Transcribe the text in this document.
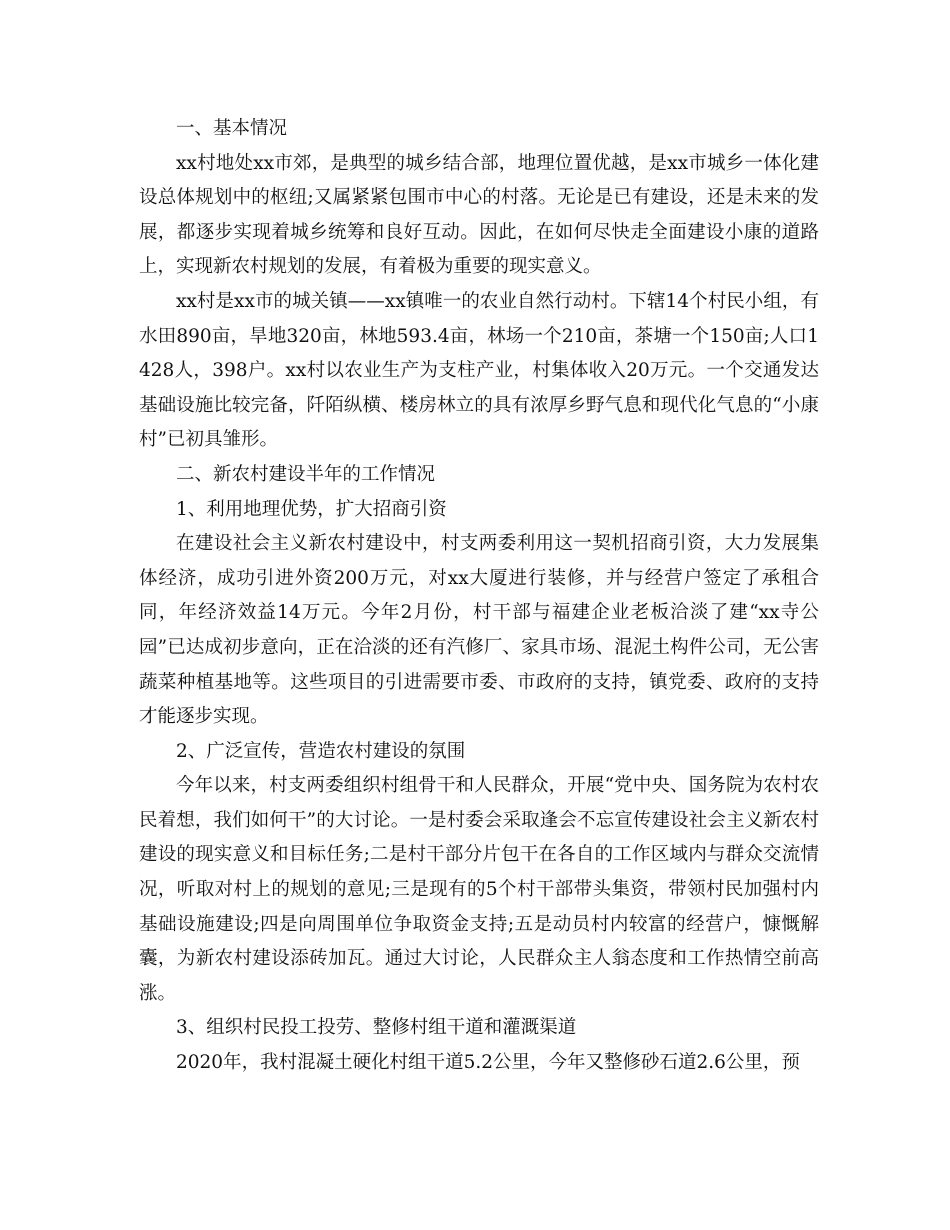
一、基本情况

xx村地处xx市郊，是典型的城乡结合部，地理位置优越，是xx市城乡一体化建设总体规划中的枢纽;又属紧紧包围市中心的村落。无论是已有建设，还是未来的发展，都逐步实现着城乡统筹和良好互动。因此，在如何尽快走全面建设小康的道路上，实现新农村规划的发展，有着极为重要的现实意义。

xx村是xx市的城关镇——xx镇唯一的农业自然行动村。下辖14个村民小组，有水田890亩，旱地320亩，林地593.4亩，林场一个210亩，茶塘一个150亩;人口1428人，398户。xx村以农业生产为支柱产业，村集体收入20万元。一个交通发达基础设施比较完备，阡陌纵横、楼房林立的具有浓厚乡野气息和现代化气息的“小康村”已初具雏形。

二、新农村建设半年的工作情况

1、利用地理优势，扩大招商引资

在建设社会主义新农村建设中，村支两委利用这一契机招商引资，大力发展集体经济，成功引进外资200万元，对xx大厦进行装修，并与经营户签定了承租合同，年经济效益14万元。今年2月份，村干部与福建企业老板洽淡了建“xx寺公园”已达成初步意向，正在洽淡的还有汽修厂、家具市场、混泥土构件公司，无公害蔬菜种植基地等。这些项目的引进需要市委、市政府的支持，镇党委、政府的支持才能逐步实现。

2、广泛宣传，营造农村建设的氛围

今年以来，村支两委组织村组骨干和人民群众，开展“党中央、国务院为农村农民着想，我们如何干”的大讨论。一是村委会采取逢会不忘宣传建设社会主义新农村建设的现实意义和目标任务;二是村干部分片包干在各自的工作区域内与群众交流情况，听取对村上的规划的意见;三是现有的5个村干部带头集资，带领村民加强村内基础设施建设;四是向周围单位争取资金支持;五是动员村内较富的经营户，慷慨解囊，为新农村建设添砖加瓦。通过大讨论，人民群众主人翁态度和工作热情空前高涨。

3、组织村民投工投劳、整修村组干道和灌溉渠道

2020年，我村混凝土硬化村组干道5.2公里，今年又整修砂石道2.6公里，预
